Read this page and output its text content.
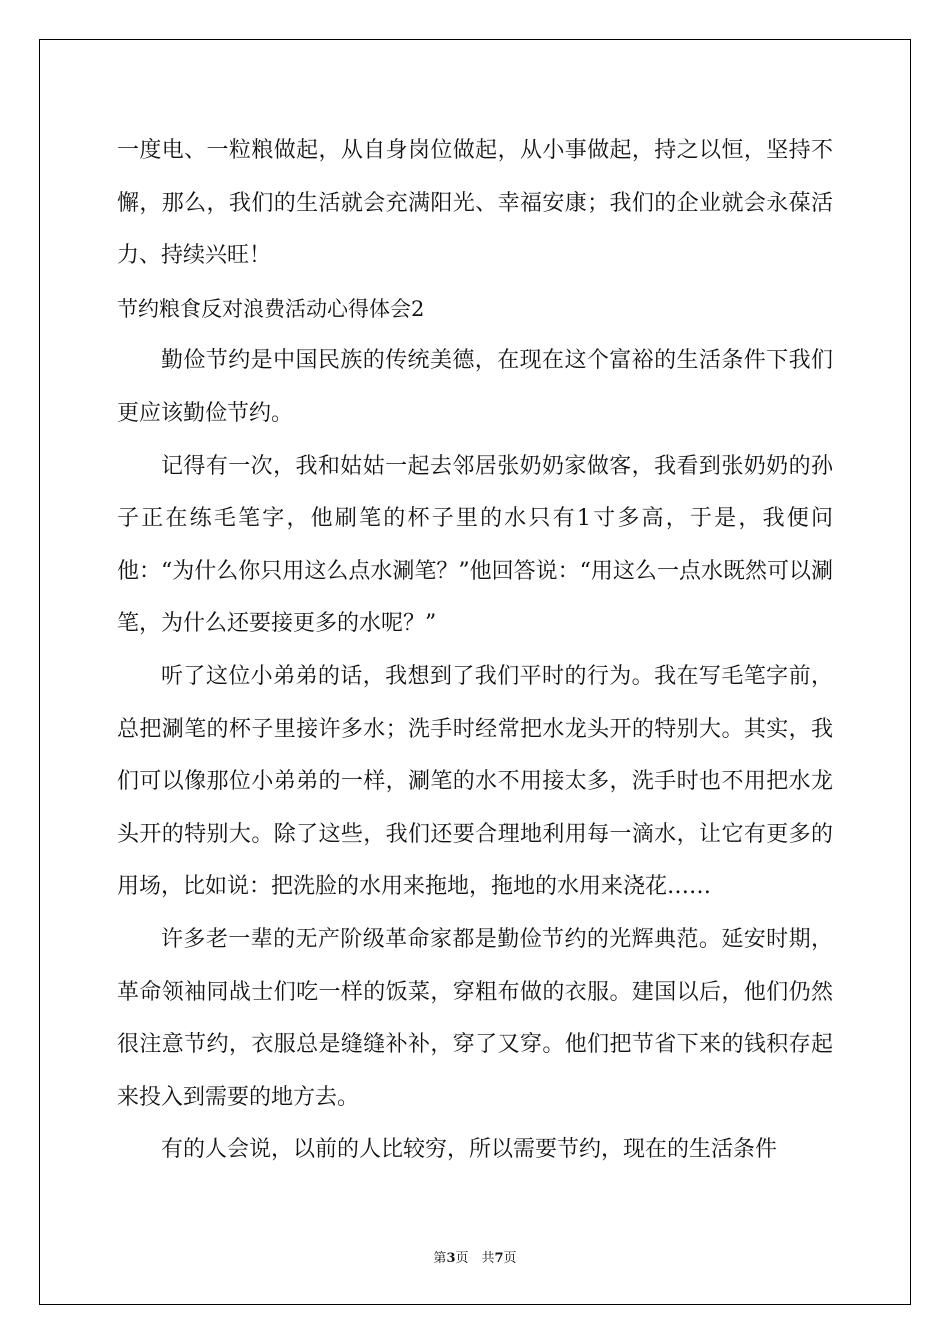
一度电、一粒粮做起，从自身岗位做起，从小事做起，持之以恒，坚持不懈，那么，我们的生活就会充满阳光、幸福安康；我们的企业就会永葆活力、持续兴旺！

节约粮食反对浪费活动心得体会2

勤俭节约是中国民族的传统美德，在现在这个富裕的生活条件下我们更应该勤俭节约。

记得有一次，我和姑姑一起去邻居张奶奶家做客，我看到张奶奶的孙子正在练毛笔字，他刷笔的杯子里的水只有1寸多高，于是，我便问他：“为什么你只用这么点水涮笔？”他回答说：“用这么一点水既然可以涮笔，为什么还要接更多的水呢？”

听了这位小弟弟的话，我想到了我们平时的行为。我在写毛笔字前，总把涮笔的杯子里接许多水；洗手时经常把水龙头开的特别大。其实，我们可以像那位小弟弟的一样，涮笔的水不用接太多，洗手时也不用把水龙头开的特别大。除了这些，我们还要合理地利用每一滴水，让它有更多的用场，比如说：把洗脸的水用来拖地，拖地的水用来浇花……

许多老一辈的无产阶级革命家都是勤俭节约的光辉典范。延安时期，革命领袖同战士们吃一样的饭菜，穿粗布做的衣服。建国以后，他们仍然很注意节约，衣服总是缝缝补补，穿了又穿。他们把节省下来的钱积存起来投入到需要的地方去。

有的人会说，以前的人比较穷，所以需要节约，现在的生活条件

第3页　共7页
